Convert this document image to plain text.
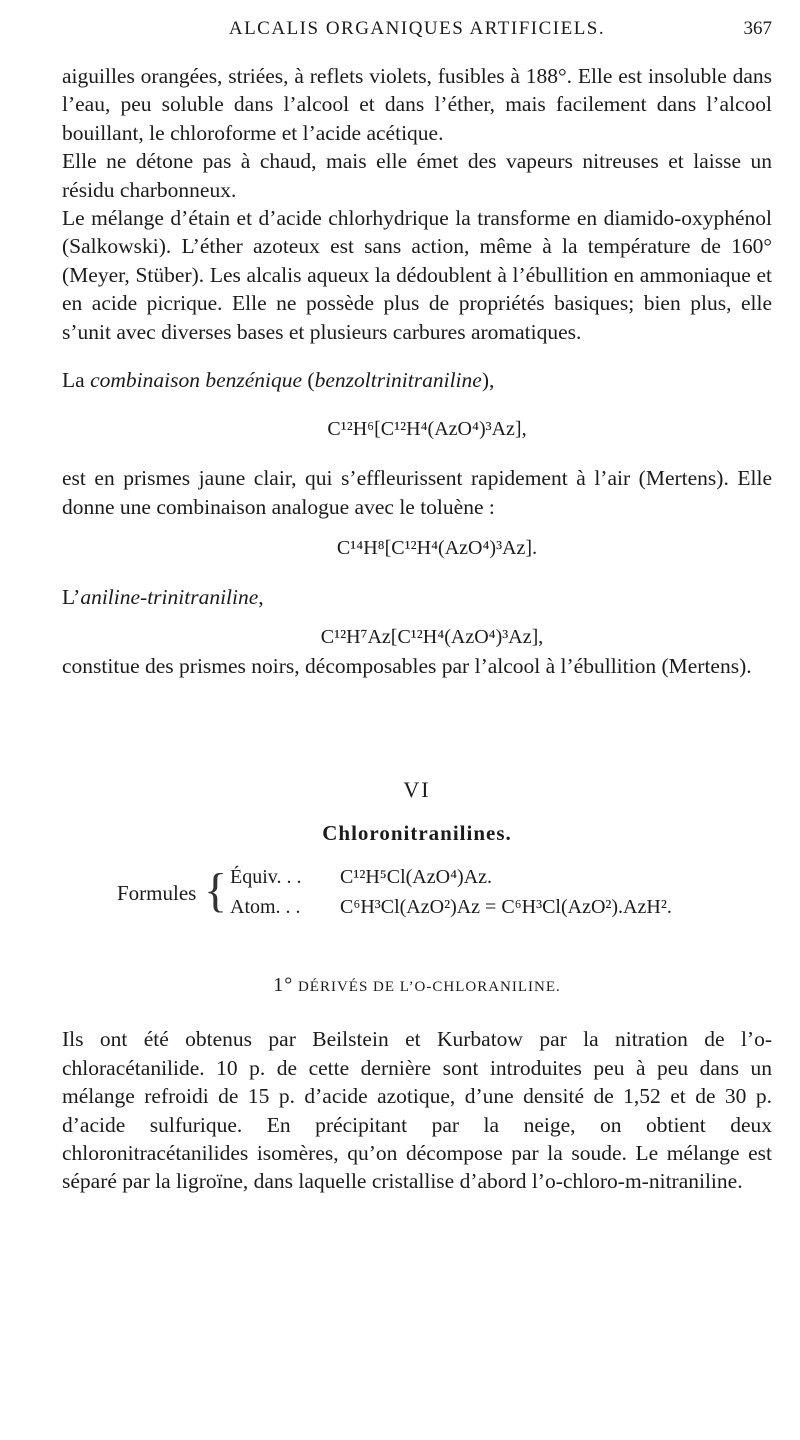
ALCALIS ORGANIQUES ARTIFICIELS.	367

aiguilles orangées, striées, à reflets violets, fusibles à 188°. Elle est insoluble dans l’eau, peu soluble dans l’alcool et dans l’éther, mais facilement dans l’alcool bouillant, le chloroforme et l’acide acétique.

Elle ne détone pas à chaud, mais elle émet des vapeurs nitreuses et laisse un résidu charbonneux.

Le mélange d’étain et d’acide chlorhydrique la transforme en diamido-oxyphénol (Salkowski). L’éther azoteux est sans action, même à la température de 160° (Meyer, Stüber). Les alcalis aqueux la dédoublent à l’ébullition en ammoniaque et en acide picrique. Elle ne possède plus de propriétés basiques; bien plus, elle s’unit avec diverses bases et plusieurs carbures aromatiques.

La combinaison benzénique (benzoltrinitraniline),

C¹²H⁶[C¹²H⁴(AzO⁴)³Az],

est en prismes jaune clair, qui s’effleurissent rapidement à l’air (Mertens). Elle donne une combinaison analogue avec le toluène :

C¹⁴H⁸[C¹²H⁴(AzO⁴)³Az].

L’aniline-trinitraniline,

C¹²H⁷Az[C¹²H⁴(AzO⁴)³Az],

constitue des prismes noirs, décomposables par l’alcool à l’ébullition (Mertens).

VI
Chloronitranilines.
Formules { Équiv. . . C¹²H⁵Cl(AzO⁴)Az.
Atom. . . C⁶H³Cl(AzO²)Az = C⁶H³Cl(AzO²).AzH².
1° DÉRIVÉS DE L’O-CHLORANILINE.

Ils ont été obtenus par Beilstein et Kurbatow par la nitration de l’o-chloracétanilide. 10 p. de cette dernière sont introduites peu à peu dans un mélange refroidi de 15 p. d’acide azotique, d’une densité de 1,52 et de 30 p. d’acide sulfurique. En précipitant par la neige, on obtient deux chloronitracétanilides isomères, qu’on décompose par la soude. Le mélange est séparé par la ligroïne, dans laquelle cristallise d’abord l’o-chloro-m-nitraniline.
